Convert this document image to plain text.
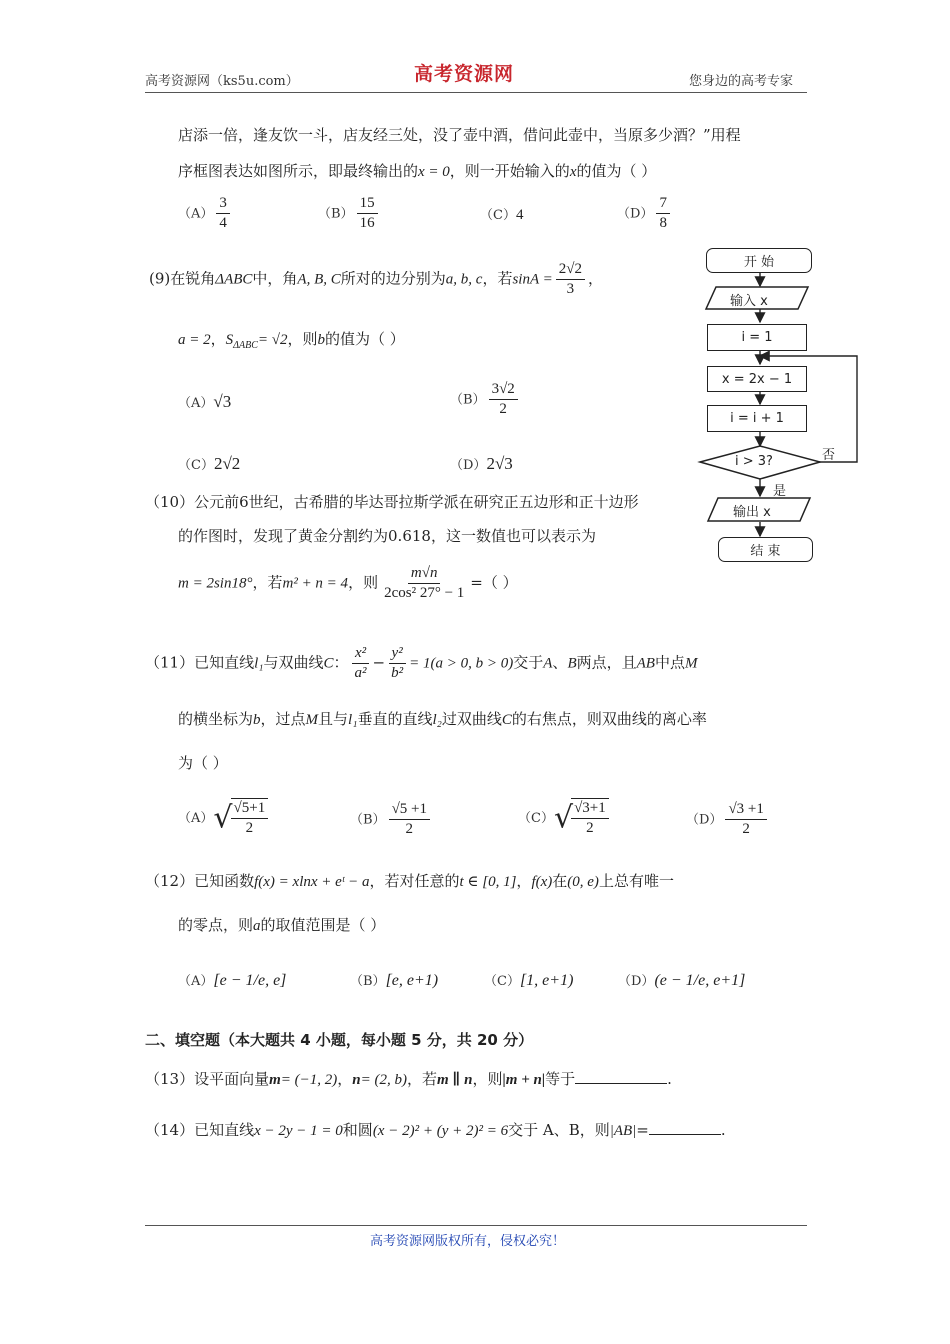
高考资源网（ks5u.com）	高考资源网	您身边的高考专家
店添一倍，逢友饮一斗，店友经三处，没了壶中酒，借问此壶中，当原多少酒？”用程
序框图表达如图所示，即最终输出的x = 0，则一开始输入的x的值为（ ）
$(A) \frac{3}{4}$	$(B) \frac{15}{16}$	（C）4	$(D) \frac{7}{8}$
(9)在锐角ΔABC中，角A, B, C所对的边分别为a, b, c，若$\sin A = \frac{2√2}{3}$ ，
a = 2，$S_{\Delta ABC}= √2$，则b的值为（ ）
（A）√3	$(B) \frac{3√2}{2}$
（C）2√2	（D）2√3
（10）公元前6世纪，古希腊的毕达哥拉斯学派在研究正五边形和正十边形
的作图时，发现了黄金分割约为0.618，这一数值也可以表示为
m = 2sin18°，若m² + n = 4，则 $\frac{m√n}{\text{2cos² 27° − 1}}$ =（ ）
（11）已知直线l₁与双曲线C： $\frac{\text{x²}}{\text{a²}} - \frac{\text{y²}}{\text{b²}} = 1(a > 0$, b > 0)交于A、B两点，且AB中点M
的横坐标为b，过点M且与l₁垂直的直线l₂过双曲线C的右焦点，则双曲线的离心率
为（ ）
（A）√
$\frac{√5+1}{2}$	$(B) \frac{√5 +1}{2}$	（C）√
$\frac{√3+1}{2}$	$(D) \frac{√3 +1}{2}$
（12）已知函数f(x) = xlnx + eᵗ − a，若对任意的t ∈ [0, 1]，f(x)在(0, e)上总有唯一
的零点，则a的取值范围是（ ）
（A）[e − 1/e, e]	（B）[e, e+1)	（C）[1, e+1)	（D）(e − 1/e, e+1]
二、填空题（本大题共 4 小题，每小题 5 分，共 20 分）
（13）设平面向量m= (−1, 2)，n= (2, b)，若m ∥ n，则|m + n|等于	.
（14）已知直线x − 2y − 1 = 0和圆(x − 2)² + (y + 2)² = 6交于 A、B，则|AB|=	.
开 始
输入 x
i = 1
x = 2x − 1
i = i + 1
i > 3?	否
是
输出 x
结 束
高考资源网版权所有，侵权必究！
